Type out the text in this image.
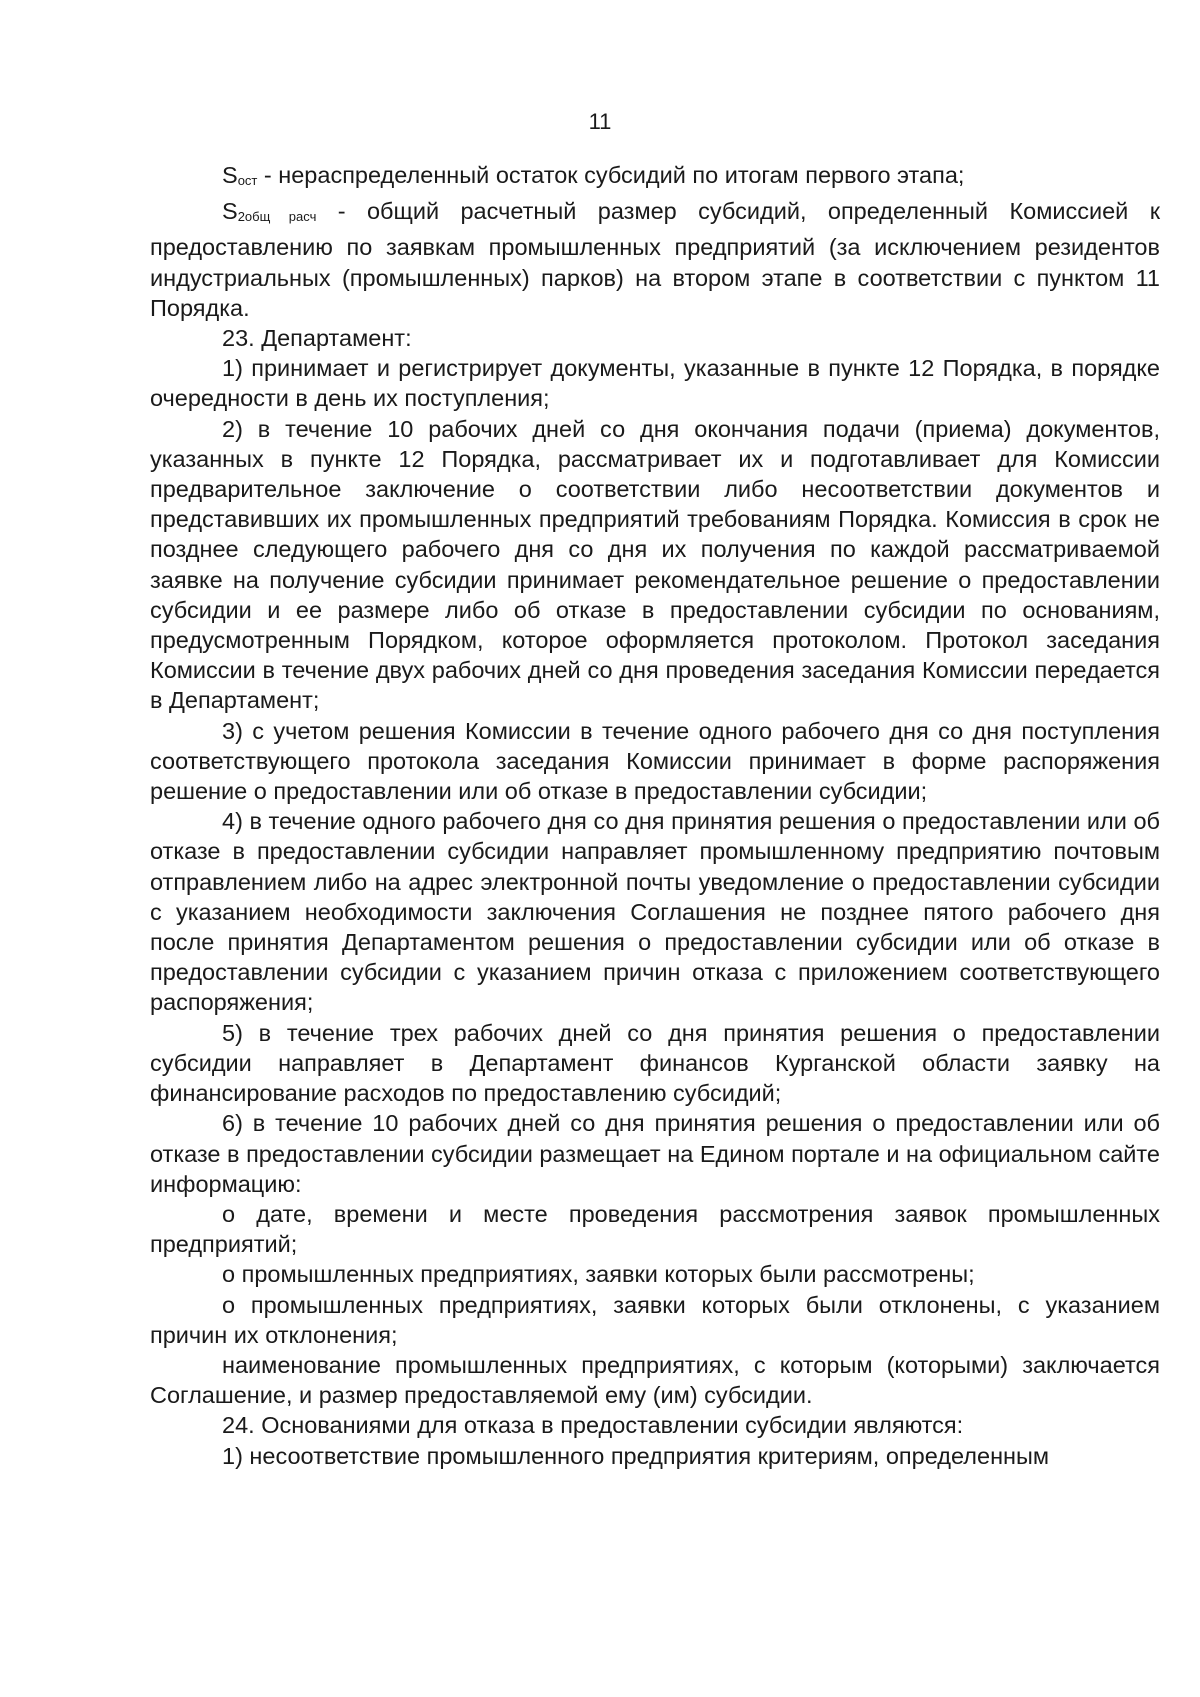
11

Sост - нераспределенный остаток субсидий по итогам первого этапа;

S2общ расч - общий расчетный размер субсидий, определенный Комиссией к предоставлению по заявкам промышленных предприятий (за исключением резидентов индустриальных (промышленных) парков) на втором этапе в соответствии с пунктом 11 Порядка.

23. Департамент:

1) принимает и регистрирует документы, указанные в пункте 12 Порядка, в порядке очередности в день их поступления;

2) в течение 10 рабочих дней со дня окончания подачи (приема) документов, указанных в пункте 12 Порядка, рассматривает их и подготавливает для Комиссии предварительное заключение о соответствии либо несоответствии документов и представивших их промышленных предприятий требованиям Порядка. Комиссия в срок не позднее следующего рабочего дня со дня их получения по каждой рассматриваемой заявке на получение субсидии принимает рекомендательное решение о предоставлении субсидии и ее размере либо об отказе в предоставлении субсидии по основаниям, предусмотренным Порядком, которое оформляется протоколом. Протокол заседания Комиссии в течение двух рабочих дней со дня проведения заседания Комиссии передается в Департамент;

3) с учетом решения Комиссии в течение одного рабочего дня со дня поступления соответствующего протокола заседания Комиссии принимает в форме распоряжения решение о предоставлении или об отказе в предоставлении субсидии;

4) в течение одного рабочего дня со дня принятия решения о предоставлении или об отказе в предоставлении субсидии направляет промышленному предприятию почтовым отправлением либо на адрес электронной почты уведомление о предоставлении субсидии с указанием необходимости заключения Соглашения не позднее пятого рабочего дня после принятия Департаментом решения о предоставлении субсидии или об отказе в предоставлении субсидии с указанием причин отказа с приложением соответствующего распоряжения;

5) в течение трех рабочих дней со дня принятия решения о предоставлении субсидии направляет в Департамент финансов Курганской области заявку на финансирование расходов по предоставлению субсидий;

6) в течение 10 рабочих дней со дня принятия решения о предоставлении или об отказе в предоставлении субсидии размещает на Едином портале и на официальном сайте информацию:

о дате, времени и месте проведения рассмотрения заявок промышленных предприятий;

о промышленных предприятиях, заявки которых были рассмотрены;

о промышленных предприятиях, заявки которых были отклонены, с указанием причин их отклонения;

наименование промышленных предприятиях, с которым (которыми) заключается Соглашение, и размер предоставляемой ему (им) субсидии.

24. Основаниями для отказа в предоставлении субсидии являются:

1) несоответствие промышленного предприятия критериям, определенным
